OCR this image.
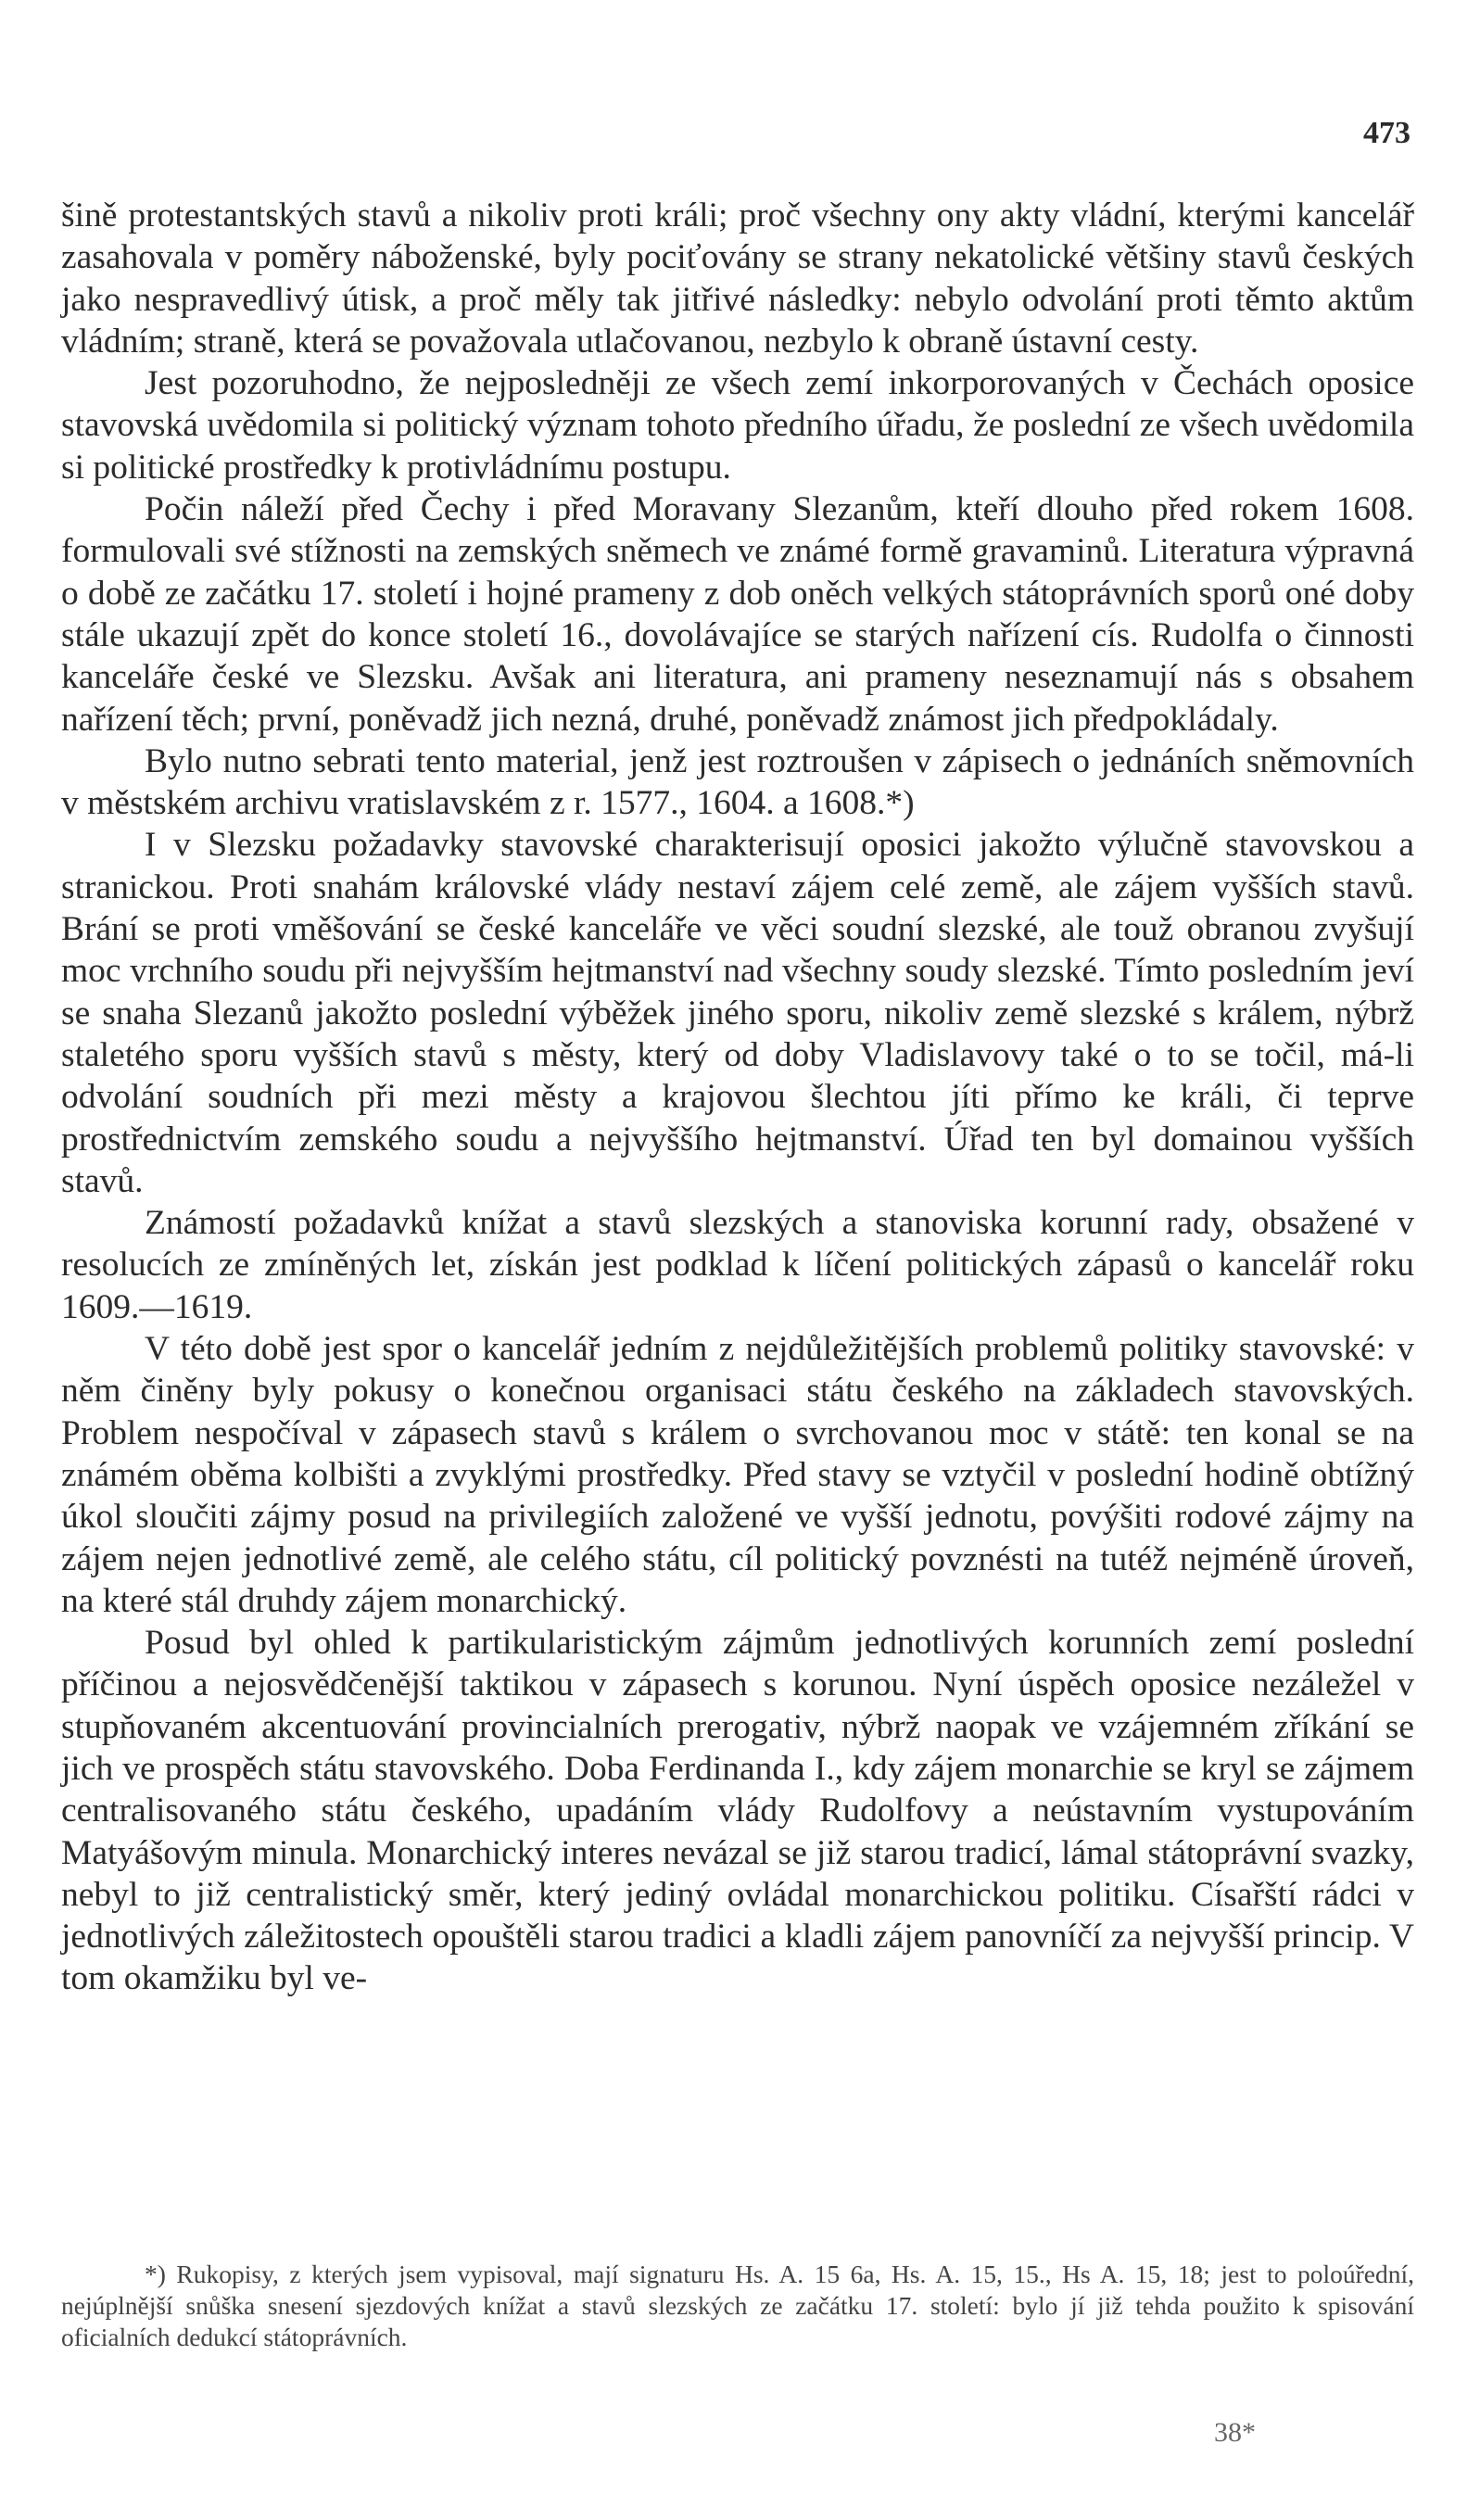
473

šině protestantských stavů a nikoliv proti králi; proč všechny ony akty vládní, kterými kancelář zasahovala v poměry náboženské, byly pociťovány se strany nekatolické většiny stavů českých jako nespravedlivý útisk, a proč měly tak jitřivé následky: nebylo odvolání proti těmto aktům vládním; straně, která se považovala utlačovanou, nezbylo k obraně ústavní cesty.

Jest pozoruhodno, že nejposledněji ze všech zemí inkorporovaných v Čechách oposice stavovská uvědomila si politický význam tohoto předního úřadu, že poslední ze všech uvědomila si politické prostředky k protivládnímu postupu.

Počin náleží před Čechy i před Moravany Slezanům, kteří dlouho před rokem 1608. formulovali své stížnosti na zemských sněmech ve známé formě gravaminů. Literatura výpravná o době ze začátku 17. století i hojné prameny z dob oněch velkých státoprávních sporů oné doby stále ukazují zpět do konce století 16., dovolávajíce se starých nařízení cís. Rudolfa o činnosti kanceláře české ve Slezsku. Avšak ani literatura, ani prameny neseznamují nás s obsahem nařízení těch; první, poněvadž jich nezná, druhé, poněvadž známost jich předpokládaly.

Bylo nutno sebrati tento material, jenž jest roztroušen v zápisech o jednáních sněmovních v městském archivu vratislavském z r. 1577., 1604. a 1608.*)

I v Slezsku požadavky stavovské charakterisují oposici jakožto výlučně stavovskou a stranickou. Proti snahám královské vlády nestaví zájem celé země, ale zájem vyšších stavů. Brání se proti vměšování se české kanceláře ve věci soudní slezské, ale touž obranou zvyšují moc vrchního soudu při nejvyšším hejtmanství nad všechny soudy slezské. Tímto posledním jeví se snaha Slezanů jakožto poslední výběžek jiného sporu, nikoliv země slezské s králem, nýbrž staletého sporu vyšších stavů s městy, který od doby Vladislavovy také o to se točil, má-li odvolání soudních při mezi městy a krajovou šlechtou jíti přímo ke králi, či teprve prostřednictvím zemského soudu a nejvyššího hejtmanství. Úřad ten byl domainou vyšších stavů.

Známostí požadavků knížat a stavů slezských a stanoviska korunní rady, obsažené v resolucích ze zmíněných let, získán jest podklad k líčení politických zápasů o kancelář roku 1609.—1619.

V této době jest spor o kancelář jedním z nejdůležitějších problemů politiky stavovské: v něm činěny byly pokusy o konečnou organisaci státu českého na základech stavovských. Problem nespočíval v zápasech stavů s králem o svrchovanou moc v státě: ten konal se na známém oběma kolbišti a zvyklými prostředky. Před stavy se vztyčil v poslední hodině obtížný úkol sloučiti zájmy posud na privilegiích založené ve vyšší jednotu, povýšiti rodové zájmy na zájem nejen jednotlivé země, ale celého státu, cíl politický povznésti na tutéž nejméně úroveň, na které stál druhdy zájem monarchický.

Posud byl ohled k partikularistickým zájmům jednotlivých korunních zemí poslední příčinou a nejosvědčenější taktikou v zápasech s korunou. Nyní úspěch oposice nezáležel v stupňovaném akcentuování provincialních prerogativ, nýbrž naopak ve vzájemném zříkání se jich ve prospěch státu stavovského. Doba Ferdinanda I., kdy zájem monarchie se kryl se zájmem centralisovaného státu českého, upadáním vlády Rudolfovy a neústavním vystupováním Matyášovým minula. Monarchický interes nevázal se již starou tradicí, lámal státoprávní svazky, nebyl to již centralistický směr, který jediný ovládal monarchickou politiku. Císařští rádci v jednotlivých záležitostech opouštěli starou tradici a kladli zájem panovníčí za nejvyšší princip. V tom okamžiku byl ve-

*) Rukopisy, z kterých jsem vypisoval, mají signaturu Hs. A. 15 6a, Hs. A. 15, 15., Hs A. 15, 18; jest to poloúřední, nejúplnější snůška snesení sjezdových knížat a stavů slezských ze začátku 17. století: bylo jí již tehda použito k spisování oficialních dedukcí státoprávních.
38*
